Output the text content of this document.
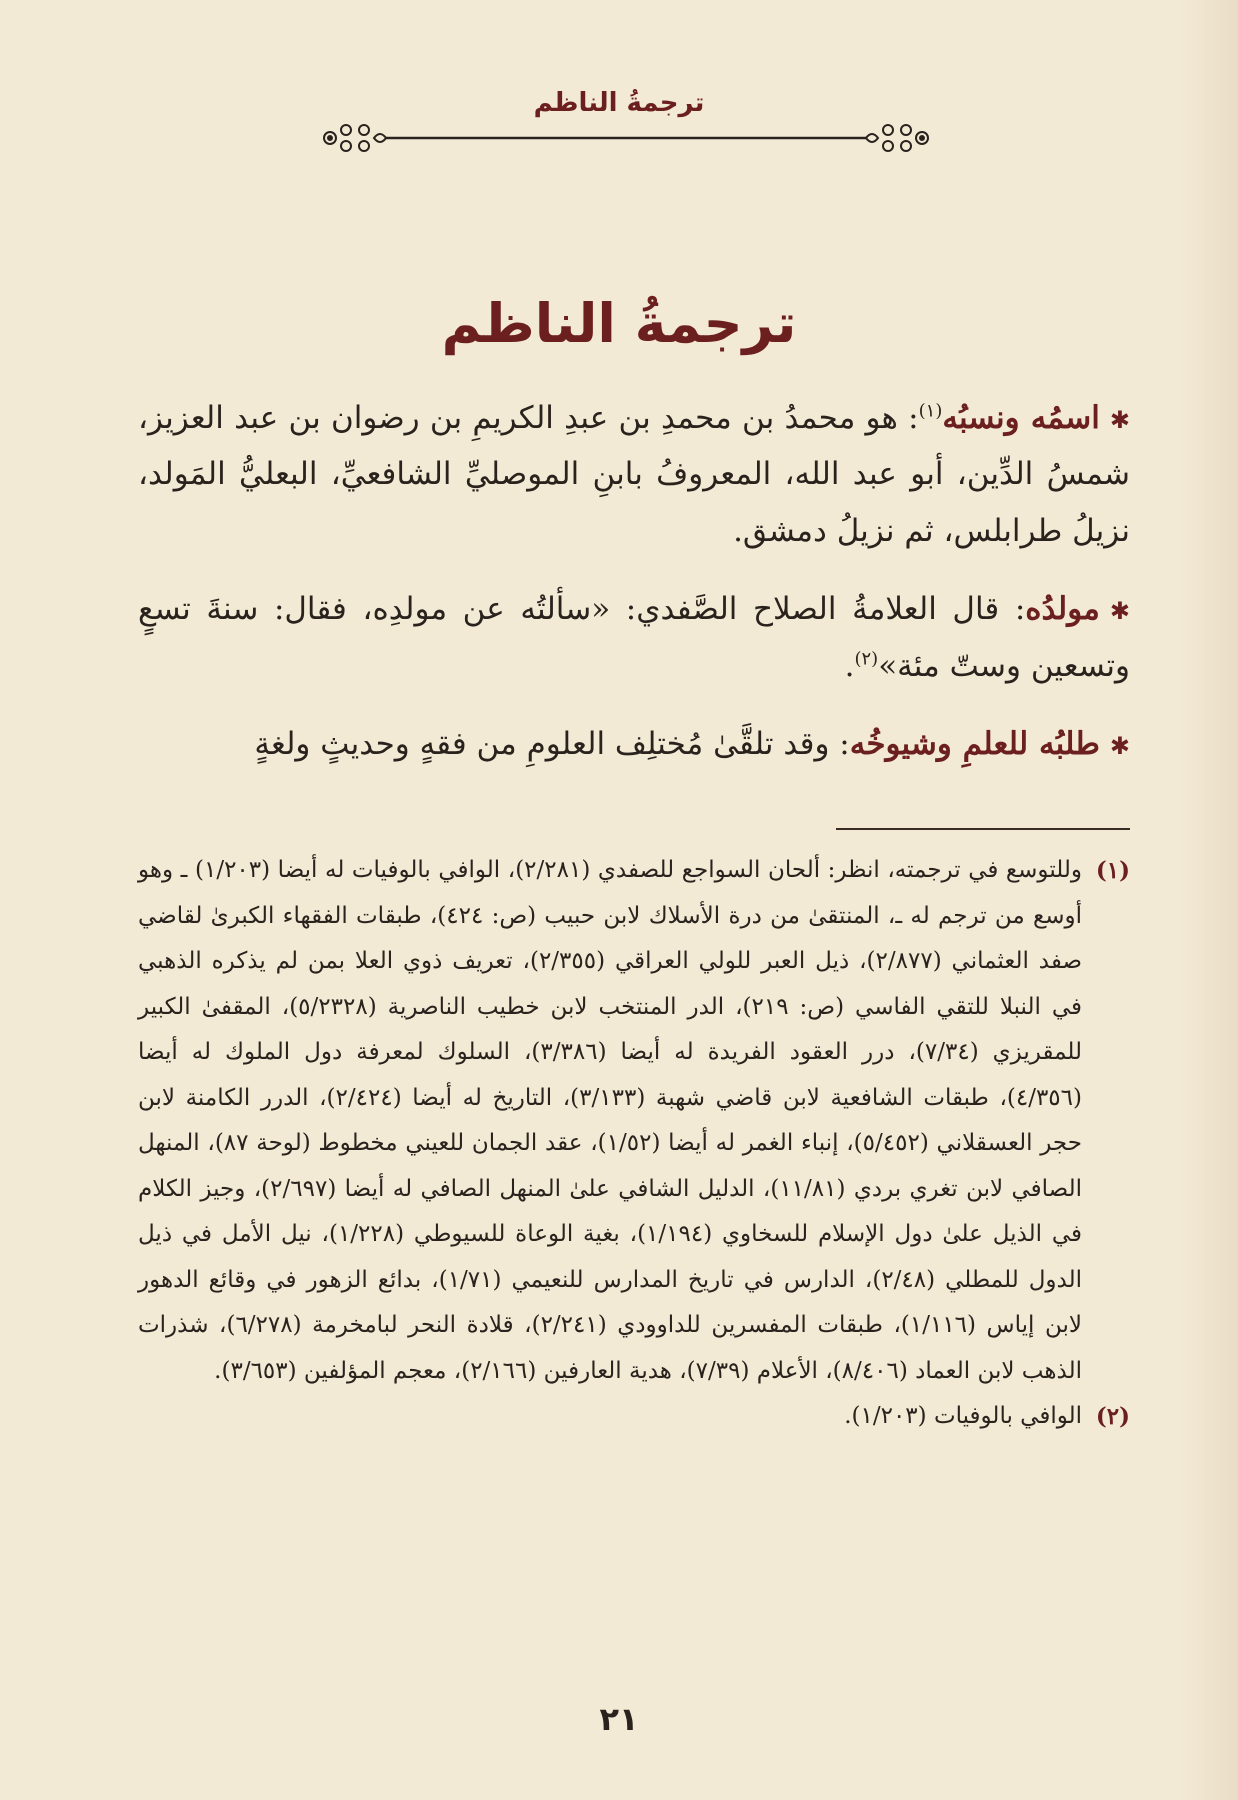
ترجمةُ الناظم
ترجمةُ الناظم

✱اسمُه ونسبُه$^{(١)}$: هو محمدُ بن محمدِ بن عبدِ الكريمِ بن رضوان بن عبد العزيز، شمسُ الدِّين، أبو عبد الله، المعروفُ بابنِ الموصليِّ الشافعيِّ، البعليُّ المَولد، نزيلُ طرابلس، ثم نزيلُ دمشق.

✱مولدُه: قال العلامةُ الصلاح الصَّفدي: «سألتُه عن مولدِه، فقال: سنةَ تسعٍ وتسعين وستّ مئة»$^{(٢)}$.

✱طلبُه للعلمِ وشيوخُه: وقد تلقَّىٰ مُختلِف العلومِ من فقهٍ وحديثٍ ولغةٍ

(١)
وللتوسع في ترجمته، انظر: ألحان السواجع للصفدي (٢/٢٨١)، الوافي بالوفيات له أيضا (١/٢٠٣) ـ وهو أوسع من ترجم له ـ، المنتقىٰ من درة الأسلاك لابن حبيب (ص: ٤٢٤)، طبقات الفقهاء الكبرىٰ لقاضي صفد العثماني (٢/٨٧٧)، ذيل العبر للولي العراقي (٢/٣٥٥)، تعريف ذوي العلا بمن لم يذكره الذهبي في النبلا للتقي الفاسي (ص: ٢١٩)، الدر المنتخب لابن خطيب الناصرية (٥/٢٣٢٨)، المقفىٰ الكبير للمقريزي (٧/٣٤)، درر العقود الفريدة له أيضا (٣/٣٨٦)، السلوك لمعرفة دول الملوك له أيضا (٤/٣٥٦)، طبقات الشافعية لابن قاضي شهبة (٣/١٣٣)، التاريخ له أيضا (٢/٤٢٤)، الدرر الكامنة لابن حجر العسقلاني (٥/٤٥٢)، إنباء الغمر له أيضا (١/٥٢)، عقد الجمان للعيني مخطوط (لوحة ٨٧)، المنهل الصافي لابن تغري بردي (١١/٨١)، الدليل الشافي علىٰ المنهل الصافي له أيضا (٢/٦٩٧)، وجيز الكلام في الذيل علىٰ دول الإسلام للسخاوي (١/١٩٤)، بغية الوعاة للسيوطي (١/٢٢٨)، نيل الأمل في ذيل الدول للمطلي (٢/٤٨)، الدارس في تاريخ المدارس للنعيمي (١/٧١)، بدائع الزهور في وقائع الدهور لابن إياس (١/١١٦)، طبقات المفسرين للداوودي (٢/٢٤١)، قلادة النحر لبامخرمة (٦/٢٧٨)، شذرات الذهب لابن العماد (٨/٤٠٦)، الأعلام (٧/٣٩)، هدية العارفين (٢/١٦٦)، معجم المؤلفين (٣/٦٥٣).
(٢)
الوافي بالوفيات (١/٢٠٣).
٢١
